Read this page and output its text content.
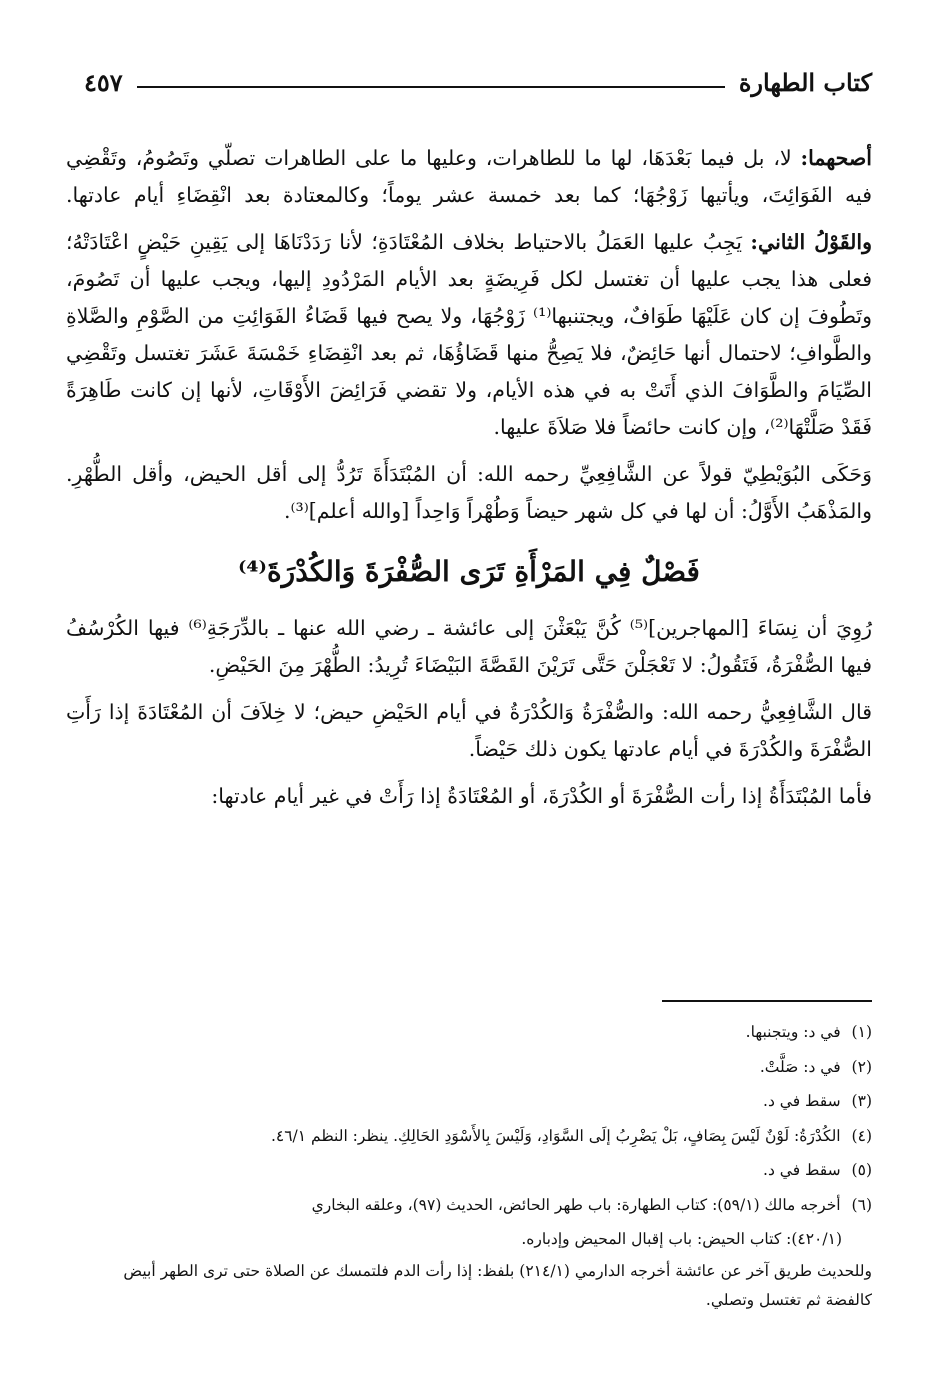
كتاب الطهارة
٤٥٧

أصحهما: لا، بل فيما بَعْدَهَا، لها ما للطاهرات، وعليها ما على الطاهرات تصلّي وتَصُومُ، وتَقْضِي فيه الفَوَائِتَ، ويأتيها زَوْجُهَا؛ كما بعد خمسة عشر يوماً؛ وكالمعتادة بعد انْقِضَاءِ أيام عادتها.

والقَوْلُ الثاني: يَجِبُ عليها العَمَلُ بالاحتياط بخلاف المُعْتَادَةِ؛ لأنا رَدَدْنَاهَا إلى يَقِينِ حَيْضٍ اعْتَادَتْهُ؛ فعلى هذا يجب عليها أن تغتسل لكل فَرِيضَةٍ بعد الأيام المَرْدُودِ إليها، ويجب عليها أن تَصُومَ، وتَطُوفَ إن كان عَلَيْهَا طَوَافٌ، ويجتنبها⁽¹⁾ زَوْجُهَا، ولا يصح فيها قَضَاءُ الفَوَائِتِ من الصَّوْمِ والصَّلاةِ والطَّوافِ؛ لاحتمال أنها حَائِضٌ، فلا يَصِحُّ منها قَضَاؤُهَا، ثم بعد انْقِضَاءِ خَمْسَةَ عَشَرَ تغتسل وتَقْضِي الصِّيَامَ والطَّوَافَ الذي أَتَتْ به في هذه الأيام، ولا تقضي فَرَائِضَ الأَوْقَاتِ، لأنها إن كانت طَاهِرَةً فَقَدْ صَلَّتْهَا⁽²⁾، وإن كانت حائضاً فلا صَلاَةَ عليها.

وَحَكَى البُوَيْطِيّ قولاً عن الشَّافِعِيِّ رحمه الله: أن المُبْتَدَأَةَ تَرُدُّ إلى أقل الحيض، وأقل الطُّهْرِ. والمَذْهَبُ الأَوَّلُ: أن لها في كل شهر حيضاً وَطُهْراً وَاحِداً [والله أعلم]⁽³⁾.

فَصْلٌ فِي المَرْأَةِ تَرَى الصُّفْرَةَ وَالكُدْرَةَ⁽⁴⁾

رُوِيَ أن نِسَاءَ [المهاجرين]⁽⁵⁾ كُنَّ يَبْعَثْنَ إلى عائشة ـ رضي الله عنها ـ بالدِّرَجَةِ⁽⁶⁾ فيها الكُرْسُفُ فيها الصُّفْرَةُ، فَتَقُولُ: لا تَعْجَلْنَ حَتَّى تَرَيْنَ القَصَّةَ البَيْضَاءَ تُرِيدُ: الطُّهْرَ مِنَ الحَيْضِ.

قال الشَّافِعِيُّ رحمه الله: والصُّفْرَةُ وَالكُدْرَةُ في أيام الحَيْضِ حيض؛ لا خِلاَفَ أن المُعْتَادَةَ إذا رَأَتِ الصُّفْرَةَ والكُدْرَةَ في أيام عادتها يكون ذلك حَيْضاً.

فأما المُبْتَدَأَةُ إذا رأت الصُّفْرَةَ أو الكُدْرَةَ، أو المُعْتَادَةُ إذا رَأَتْ في غير أيام عادتها:

(١) في د: ويتجنبها.

(٢) في د: صَلَّتْ.

(٣) سقط في د.

(٤) الكُدْرَةُ: لَوْنٌ لَيْسَ بِصَافٍ، بَلْ يَضْرِبُ إلَى السَّوَادِ، وَلَيْسَ بِالأَسْوَدِ الحَالِكِ. ينظر: النظم ٤٦/١.

(٥) سقط في د.

(٦) أخرجه مالك (٥٩/١): كتاب الطهارة: باب طهر الحائض، الحديث (٩٧)، وعلقه البخاري

(٤٢٠/١): كتاب الحيض: باب إقبال المحيض وإدباره.

وللحديث طريق آخر عن عائشة أخرجه الدارمي (٢١٤/١) بلفظ: إذا رأت الدم فلتمسك عن الصلاة حتى ترى الطهر أبيض كالفضة ثم تغتسل وتصلي.
